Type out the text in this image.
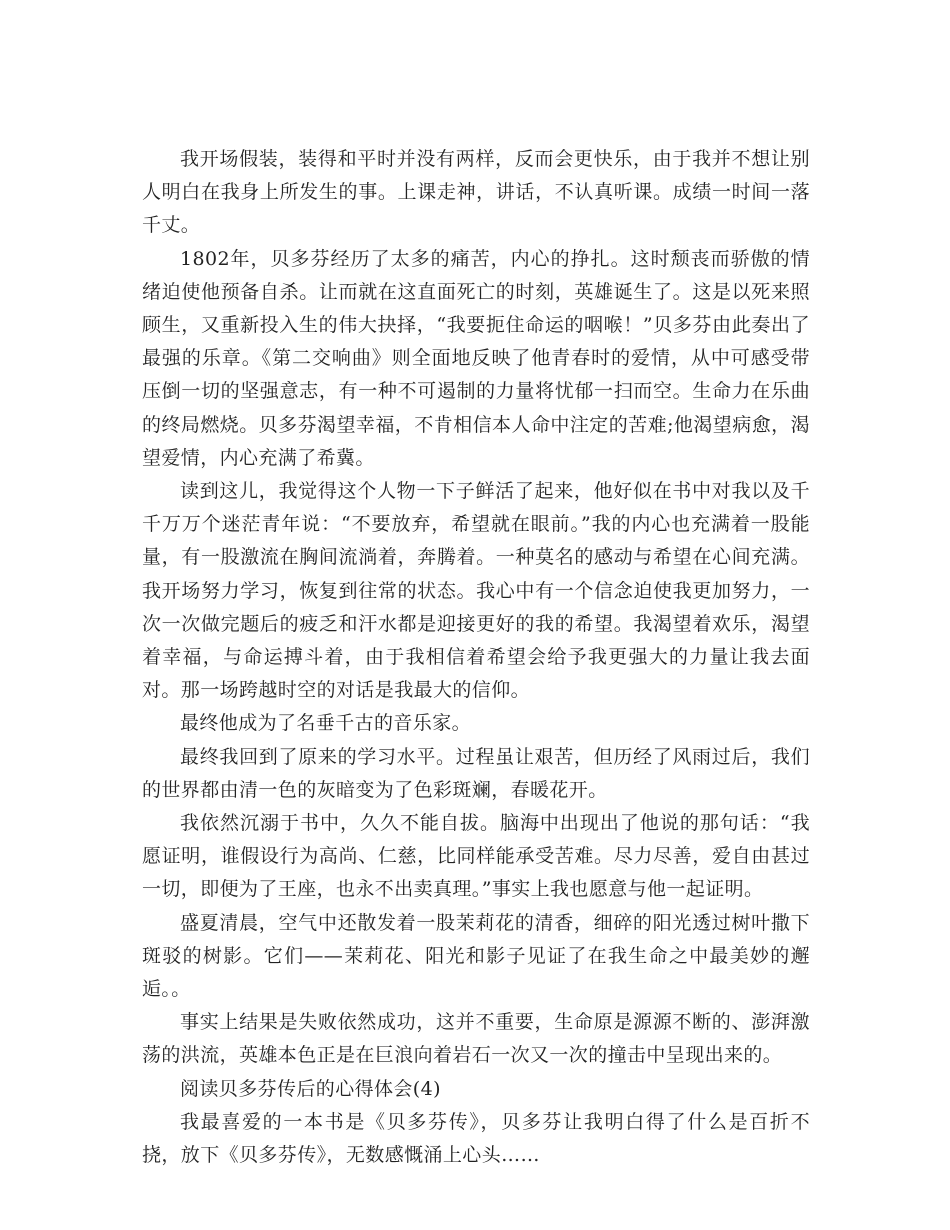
我开场假装，装得和平时并没有两样，反而会更快乐，由于我并不想让别人明白在我身上所发生的事。上课走神，讲话，不认真听课。成绩一时间一落千丈。

1802年，贝多芬经历了太多的痛苦，内心的挣扎。这时颓丧而骄傲的情绪迫使他预备自杀。让而就在这直面死亡的时刻，英雄诞生了。这是以死来照顾生，又重新投入生的伟大抉择，“我要扼住命运的咽喉！”贝多芬由此奏出了最强的乐章。《第二交响曲》则全面地反映了他青春时的爱情，从中可感受带压倒一切的坚强意志，有一种不可遏制的力量将忧郁一扫而空。生命力在乐曲的终局燃烧。贝多芬渴望幸福，不肯相信本人命中注定的苦难;他渴望病愈，渴望爱情，内心充满了希冀。

读到这儿，我觉得这个人物一下子鲜活了起来，他好似在书中对我以及千千万万个迷茫青年说：“不要放弃，希望就在眼前。”我的内心也充满着一股能量，有一股激流在胸间流淌着，奔腾着。一种莫名的感动与希望在心间充满。我开场努力学习，恢复到往常的状态。我心中有一个信念迫使我更加努力，一次一次做完题后的疲乏和汗水都是迎接更好的我的希望。我渴望着欢乐，渴望着幸福，与命运搏斗着，由于我相信着希望会给予我更强大的力量让我去面对。那一场跨越时空的对话是我最大的信仰。

最终他成为了名垂千古的音乐家。

最终我回到了原来的学习水平。过程虽让艰苦，但历经了风雨过后，我们的世界都由清一色的灰暗变为了色彩斑斓，春暖花开。

我依然沉溺于书中，久久不能自拔。脑海中出现出了他说的那句话：“我愿证明，谁假设行为高尚、仁慈，比同样能承受苦难。尽力尽善，爱自由甚过一切，即便为了王座，也永不出卖真理。”事实上我也愿意与他一起证明。

盛夏清晨，空气中还散发着一股茉莉花的清香，细碎的阳光透过树叶撒下斑驳的树影。它们——茉莉花、阳光和影子见证了在我生命之中最美妙的邂逅。。

事实上结果是失败依然成功，这并不重要，生命原是源源不断的、澎湃激荡的洪流，英雄本色正是在巨浪向着岩石一次又一次的撞击中呈现出来的。

阅读贝多芬传后的心得体会(4)

我最喜爱的一本书是《贝多芬传》，贝多芬让我明白得了什么是百折不挠，放下《贝多芬传》，无数感慨涌上心头……
